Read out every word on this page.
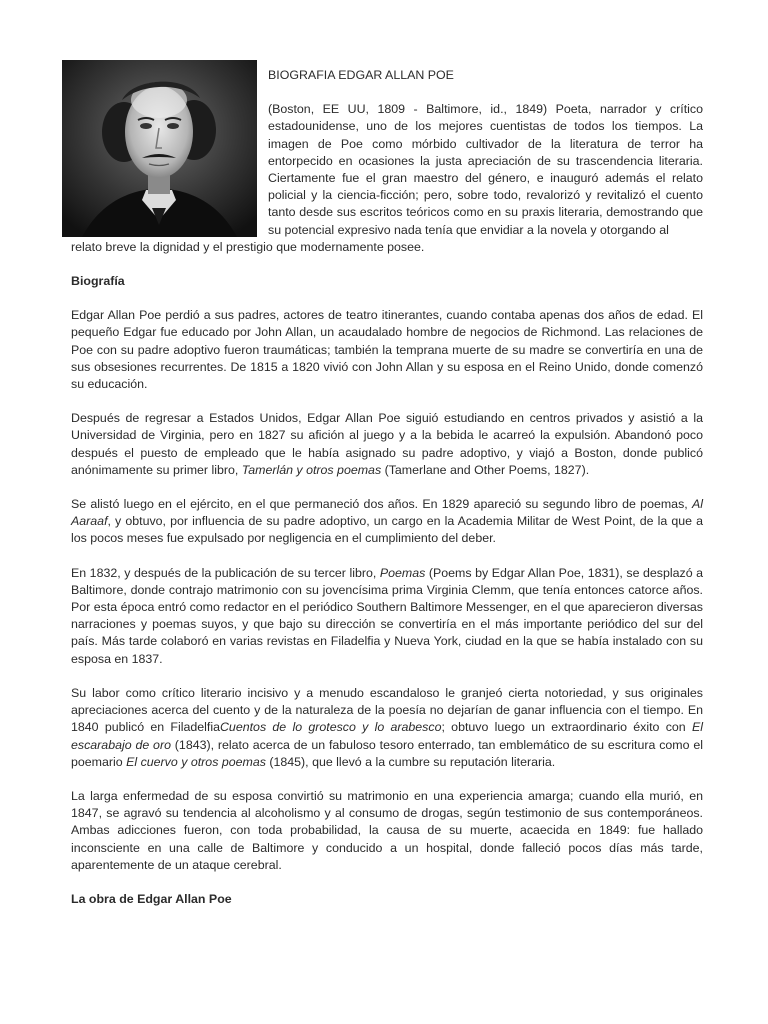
BIOGRAFIA EDGAR ALLAN POE

(Boston, EE UU, 1809 - Baltimore, id., 1849) Poeta, narrador y crítico estadounidense, uno de los mejores cuentistas de todos los tiempos. La imagen de Poe como mórbido cultivador de la literatura de terror ha entorpecido en ocasiones la justa apreciación de su trascendencia literaria. Ciertamente fue el gran maestro del género, e inauguró además el relato policial y la ciencia-ficción; pero, sobre todo, revalorizó y revitalizó el cuento tanto desde sus escritos teóricos como en su praxis literaria, demostrando que su potencial expresivo nada tenía que envidiar a la novela y otorgando al

relato breve la dignidad y el prestigio que modernamente posee.

Biografía

Edgar Allan Poe perdió a sus padres, actores de teatro itinerantes, cuando contaba apenas dos años de edad. El pequeño Edgar fue educado por John Allan, un acaudalado hombre de negocios de Richmond. Las relaciones de Poe con su padre adoptivo fueron traumáticas; también la temprana muerte de su madre se convertiría en una de sus obsesiones recurrentes. De 1815 a 1820 vivió con John Allan y su esposa en el Reino Unido, donde comenzó su educación.

Después de regresar a Estados Unidos, Edgar Allan Poe siguió estudiando en centros privados y asistió a la Universidad de Virginia, pero en 1827 su afición al juego y a la bebida le acarreó la expulsión. Abandonó poco después el puesto de empleado que le había asignado su padre adoptivo, y viajó a Boston, donde publicó anónimamente su primer libro, Tamerlán y otros poemas (Tamerlane and Other Poems, 1827).

Se alistó luego en el ejército, en el que permaneció dos años. En 1829 apareció su segundo libro de poemas, Al Aaraaf, y obtuvo, por influencia de su padre adoptivo, un cargo en la Academia Militar de West Point, de la que a los pocos meses fue expulsado por negligencia en el cumplimiento del deber.

En 1832, y después de la publicación de su tercer libro, Poemas (Poems by Edgar Allan Poe, 1831), se desplazó a Baltimore, donde contrajo matrimonio con su jovencísima prima Virginia Clemm, que tenía entonces catorce años. Por esta época entró como redactor en el periódico Southern Baltimore Messenger, en el que aparecieron diversas narraciones y poemas suyos, y que bajo su dirección se convertiría en el más importante periódico del sur del país. Más tarde colaboró en varias revistas en Filadelfia y Nueva York, ciudad en la que se había instalado con su esposa en 1837.

Su labor como crítico literario incisivo y a menudo escandaloso le granjeó cierta notoriedad, y sus originales apreciaciones acerca del cuento y de la naturaleza de la poesía no dejarían de ganar influencia con el tiempo. En 1840 publicó en FiladelfiaCuentos de lo grotesco y lo arabesco; obtuvo luego un extraordinario éxito con El escarabajo de oro (1843), relato acerca de un fabuloso tesoro enterrado, tan emblemático de su escritura como el poemario El cuervo y otros poemas (1845), que llevó a la cumbre su reputación literaria.

La larga enfermedad de su esposa convirtió su matrimonio en una experiencia amarga; cuando ella murió, en 1847, se agravó su tendencia al alcoholismo y al consumo de drogas, según testimonio de sus contemporáneos. Ambas adicciones fueron, con toda probabilidad, la causa de su muerte, acaecida en 1849: fue hallado inconsciente en una calle de Baltimore y conducido a un hospital, donde falleció pocos días más tarde, aparentemente de un ataque cerebral.

La obra de Edgar Allan Poe
